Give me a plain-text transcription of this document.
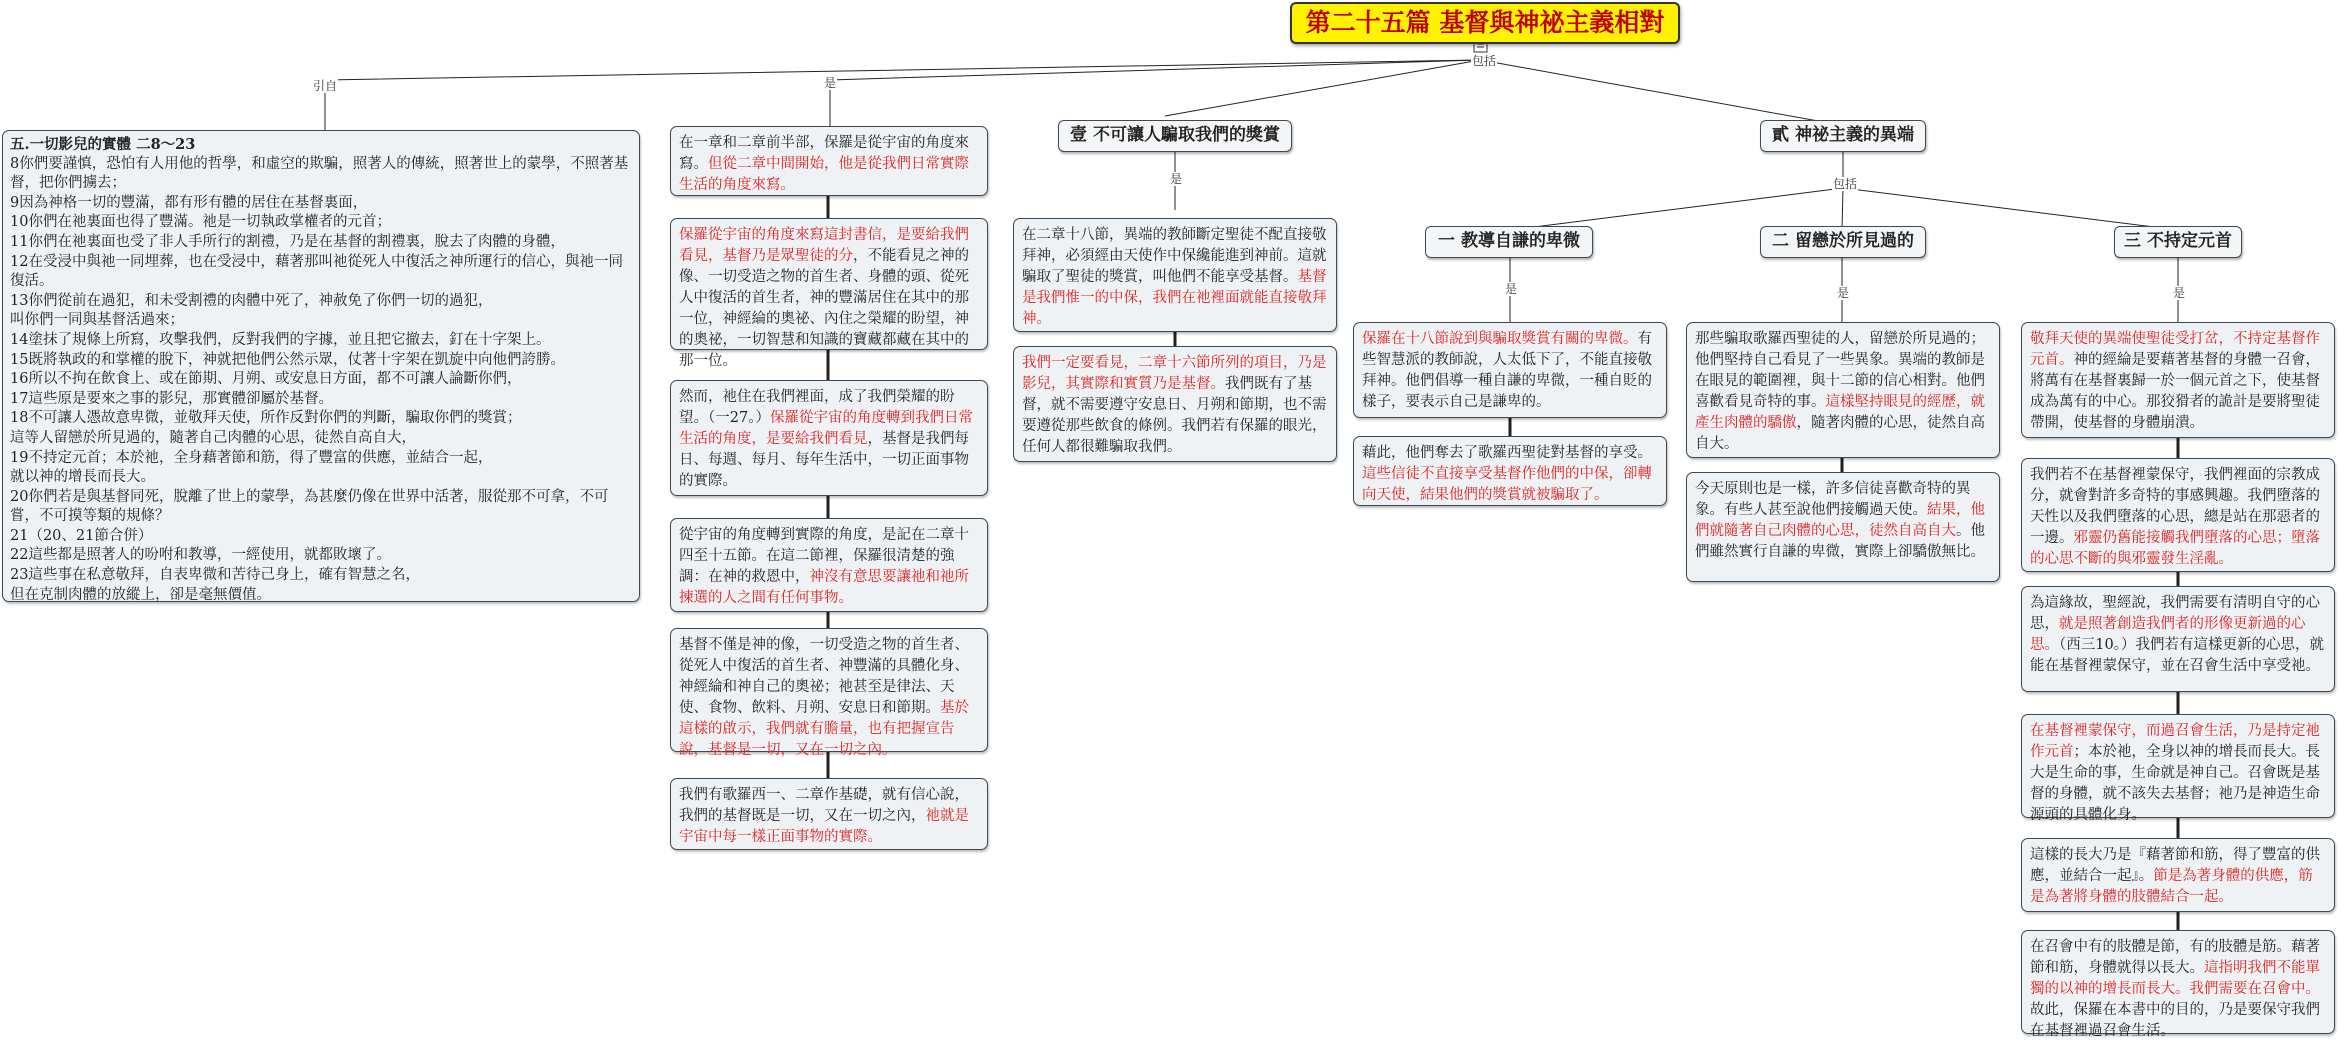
第二十五篇 基督與神祕主義相對
引自	是
包括
是	包括
是	是	是
五.一切影兒的實體 二8～23
8你們要謹慎，恐怕有人用他的哲學，和虛空的欺騙，照著人的傳統，照著世上的蒙學，不照著基督，把你們擄去；
9因為神格一切的豐滿，都有形有體的居住在基督裏面，
10你們在祂裏面也得了豐滿。祂是一切執政掌權者的元首；
11你們在祂裏面也受了非人手所行的割禮，乃是在基督的割禮裏，脫去了肉體的身體，
12在受浸中與祂一同埋葬，也在受浸中，藉著那叫祂從死人中復活之神所運行的信心，與祂一同復活。
13你們從前在過犯，和未受割禮的肉體中死了，神赦免了你們一切的過犯，
叫你們一同與基督活過來；
14塗抹了規條上所寫，攻擊我們，反對我們的字據，並且把它撤去，釘在十字架上。
15既將執政的和掌權的脫下，神就把他們公然示眾，仗著十字架在凱旋中向他們誇勝。
16所以不拘在飲食上、或在節期、月朔、或安息日方面，都不可讓人論斷你們，
17這些原是要來之事的影兒，那實體卻屬於基督。
18不可讓人憑故意卑微，並敬拜天使，所作反對你們的判斷，騙取你們的獎賞；
這等人留戀於所見過的，隨著自己肉體的心思，徒然自高自大，
19不持定元首；本於祂，全身藉著節和筋，得了豐富的供應，並結合一起，
就以神的增長而長大。
20你們若是與基督同死，脫離了世上的蒙學，為甚麼仍像在世界中活著，服從那不可拿，不可嘗，不可摸等類的規條？
21（20、21節合併）
22這些都是照著人的吩咐和教導，一經使用，就都敗壞了。
23這些事在私意敬拜，自表卑微和苦待己身上，確有智慧之名，
但在克制肉體的放縱上，卻是毫無價值。
壹 不可讓人騙取我們的獎賞	貳 神祕主義的異端
一 教導自謙的卑微	二 留戀於所見過的	三 不持定元首
在一章和二章前半部，保羅是從宇宙的角度來寫。但從二章中間開始，他是從我們日常實際生活的角度來寫。
保羅從宇宙的角度來寫這封書信，是要給我們看見，基督乃是眾聖徒的分，不能看見之神的像、一切受造之物的首生者、身體的頭、從死人中復活的首生者，神的豐滿居住在其中的那一位，神經綸的奧祕、內住之榮耀的盼望，神的奧祕，一切智慧和知識的寶藏都藏在其中的那一位。
然而，祂住在我們裡面，成了我們榮耀的盼望。（一27。）保羅從宇宙的角度轉到我們日常生活的角度，是要給我們看見，基督是我們每日、每週、每月、每年生活中，一切正面事物的實際。
從宇宙的角度轉到實際的角度，是記在二章十四至十五節。在這二節裡，保羅很清楚的強調：在神的救恩中，神沒有意思要讓祂和祂所揀選的人之間有任何事物。
基督不僅是神的像，一切受造之物的首生者、從死人中復活的首生者、神豐滿的具體化身、神經綸和神自己的奧祕；祂甚至是律法、天使、食物、飲料、月朔、安息日和節期。基於這樣的啟示，我們就有膽量，也有把握宣告說，基督是一切，又在一切之內。
我們有歌羅西一、二章作基礎，就有信心說，我們的基督既是一切，又在一切之內，祂就是宇宙中每一樣正面事物的實際。
在二章十八節，異端的教師斷定聖徒不配直接敬拜神，必須經由天使作中保纔能進到神前。這就騙取了聖徒的獎賞，叫他們不能享受基督。基督是我們惟一的中保，我們在祂裡面就能直接敬拜神。
我們一定要看見，二章十六節所列的項目，乃是影兒，其實際和實質乃是基督。我們既有了基督，就不需要遵守安息日、月朔和節期，也不需要遵從那些飲食的條例。我們若有保羅的眼光，任何人都很難騙取我們。
保羅在十八節說到與騙取獎賞有關的卑微。有些智慧派的教師說，人太低下了，不能直接敬拜神。他們倡導一種自謙的卑微，一種自貶的樣子，要表示自己是謙卑的。
藉此，他們奪去了歌羅西聖徒對基督的享受。這些信徒不直接享受基督作他們的中保，卻轉向天使，結果他們的獎賞就被騙取了。
那些騙取歌羅西聖徒的人，留戀於所見過的；他們堅持自己看見了一些異象。異端的教師是在眼見的範圍裡，與十二節的信心相對。他們喜歡看見奇特的事。這樣堅持眼見的經歷，就產生肉體的驕傲，隨著肉體的心思，徒然自高自大。
今天原則也是一樣，許多信徒喜歡奇特的異象。有些人甚至說他們接觸過天使。結果，他們就隨著自己肉體的心思，徒然自高自大。他們雖然實行自謙的卑微，實際上卻驕傲無比。
敬拜天使的異端使聖徒受打岔，不持定基督作元首。神的經綸是要藉著基督的身體一召會，將萬有在基督裏歸一於一個元首之下，使基督成為萬有的中心。那狡猾者的詭計是要將聖徒帶開，使基督的身體崩潰。
我們若不在基督裡蒙保守，我們裡面的宗教成分，就會對許多奇特的事感興趣。我們墮落的天性以及我們墮落的心思，總是站在那惡者的一邊。邪靈仍舊能接觸我們墮落的心思；墮落的心思不斷的與邪靈發生淫亂。
為這緣故，聖經說，我們需要有清明自守的心思，就是照著創造我們者的形像更新過的心思。（西三10。）我們若有這樣更新的心思，就能在基督裡蒙保守，並在召會生活中享受祂。
在基督裡蒙保守，而過召會生活，乃是持定祂作元首；本於祂，全身以神的增長而長大。長大是生命的事，生命就是神自己。召會既是基督的身體，就不該失去基督；祂乃是神造生命源頭的具體化身。
這樣的長大乃是『藉著節和筋，得了豐富的供應，並結合一起』。節是為著身體的供應，筋是為著將身體的肢體結合一起。
在召會中有的肢體是節，有的肢體是筋。藉著節和筋，身體就得以長大。這指明我們不能單獨的以神的增長而長大。我們需要在召會中。故此，保羅在本書中的目的，乃是要保守我們在基督裡過召會生活。
